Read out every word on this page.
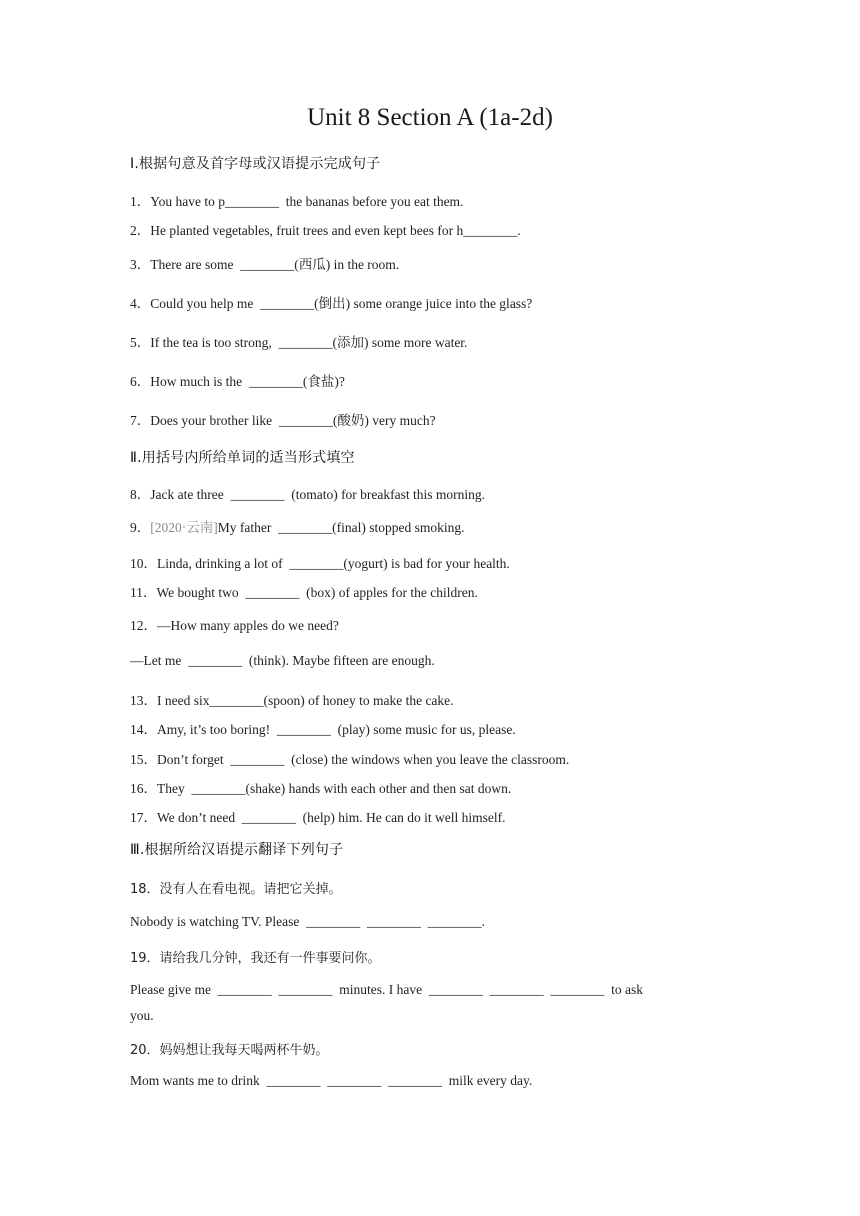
Unit 8 Section A (1a-2d)
Ⅰ.根据句意及首字母或汉语提示完成句子
1．You have to p________  the bananas before you eat them.
2．He planted vegetables, fruit trees and even kept bees for h________.
3．There are some  ________(西瓜) in the room.
4．Could you help me  ________(倒出) some orange juice into the glass?
5．If the tea is too strong,  ________(添加) some more water.
6．How much is the  ________(食盐)?
7．Does your brother like  ________(酸奶) very much?
Ⅱ.用括号内所给单词的适当形式填空
8．Jack ate three  ________  (tomato) for breakfast this morning.
9．[2020·云南]My father  ________(final) stopped smoking.
10．Linda, drinking a lot of  ________(yogurt) is bad for your health.
11．We bought two  ________  (box) of apples for the children.
12．—How many apples do we need?
—Let me  ________  (think). Maybe fifteen are enough.
13．I need six________(spoon) of honey to make the cake.
14．Amy, it’s too boring!  ________  (play) some music for us, please.
15．Don’t forget  ________  (close) the windows when you leave the classroom.
16．They  ________(shake) hands with each other and then sat down.
17．We don’t need  ________  (help) him. He can do it well himself.
Ⅲ.根据所给汉语提示翻译下列句子
18．没有人在看电视。请把它关掉。
Nobody is watching TV. Please  ________  ________  ________.
19．请给我几分钟，我还有一件事要问你。
Please give me  ________  ________  minutes. I have  ________  ________  ________  to ask
you.
20．妈妈想让我每天喝两杯牛奶。
Mom wants me to drink  ________  ________  ________  milk every day.
